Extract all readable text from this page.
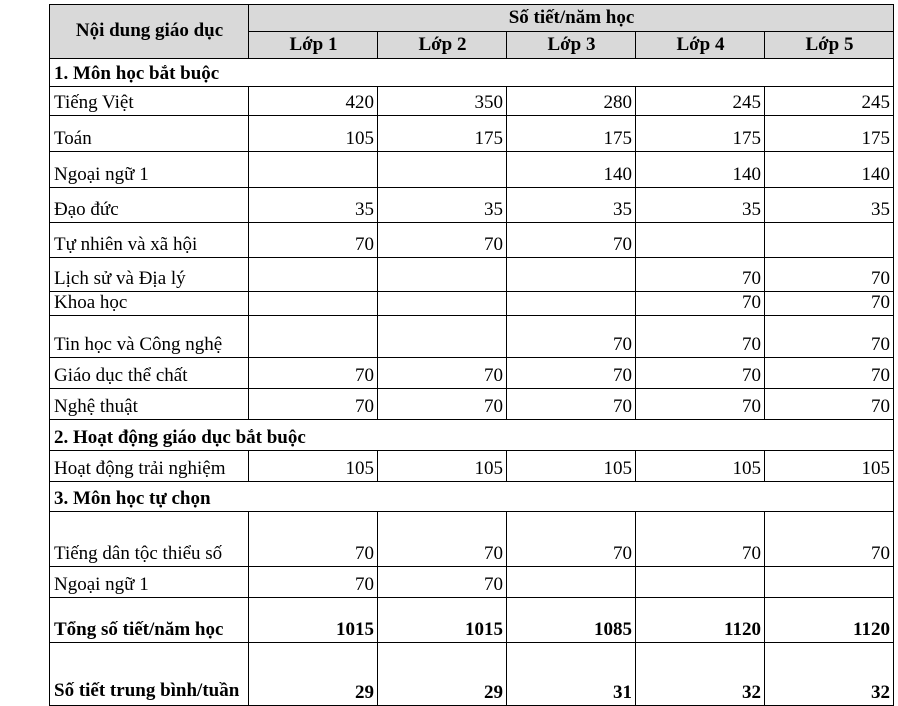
Nội dung giáo dục	Số tiết/năm học				
	Lớp 1	Lớp 2	Lớp 3	Lớp 4	Lớp 5
1. Môn học bắt buộc					
Tiếng Việt	420	350	280	245	245
Toán	105	175	175	175	175
Ngoại ngữ 1			140	140	140
Đạo đức	35	35	35	35	35
Tự nhiên và xã hội	70	70	70		
Lịch sử và Địa lý				70	70
Khoa học				70	70
Tin học và Công nghệ			70	70	70
Giáo dục thể chất	70	70	70	70	70
Nghệ thuật	70	70	70	70	70
2. Hoạt động giáo dục bắt buộc					
Hoạt động trải nghiệm	105	105	105	105	105
3. Môn học tự chọn					
Tiếng dân tộc thiểu số	70	70	70	70	70
Ngoại ngữ 1	70	70			
Tổng số tiết/năm học	1015	1015	1085	1120	1120
Số tiết trung bình/tuần	29	29	31	32	32
